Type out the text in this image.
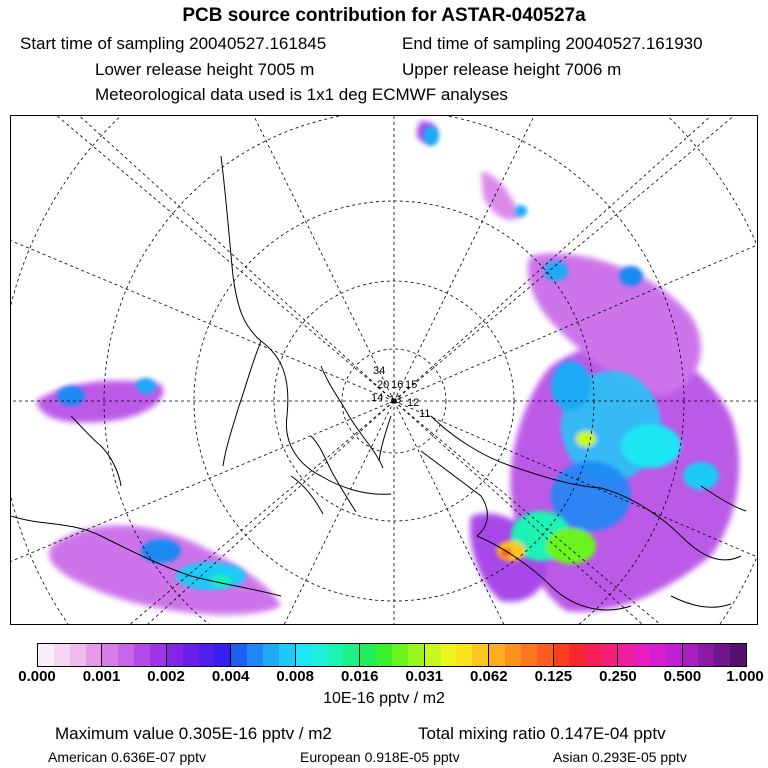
PCB source contribution for ASTAR-040527a
Start time of sampling 20040527.161845	End time of sampling 20040527.161930
Lower release height 7005 m	Upper release height 7006 m
Meteorological data used is 1x1 deg ECMWF analyses
34
20 16 15
14 13 12
11
0.000 0.001 0.002 0.004 0.008 0.016 0.031 0.062 0.125 0.250 0.500 1.000
10E-16 pptv / m2
Maximum value 0.305E-16 pptv / m2	Total mixing ratio 0.147E-04 pptv
American 0.636E-07 pptv	European 0.918E-05 pptv	Asian 0.293E-05 pptv
